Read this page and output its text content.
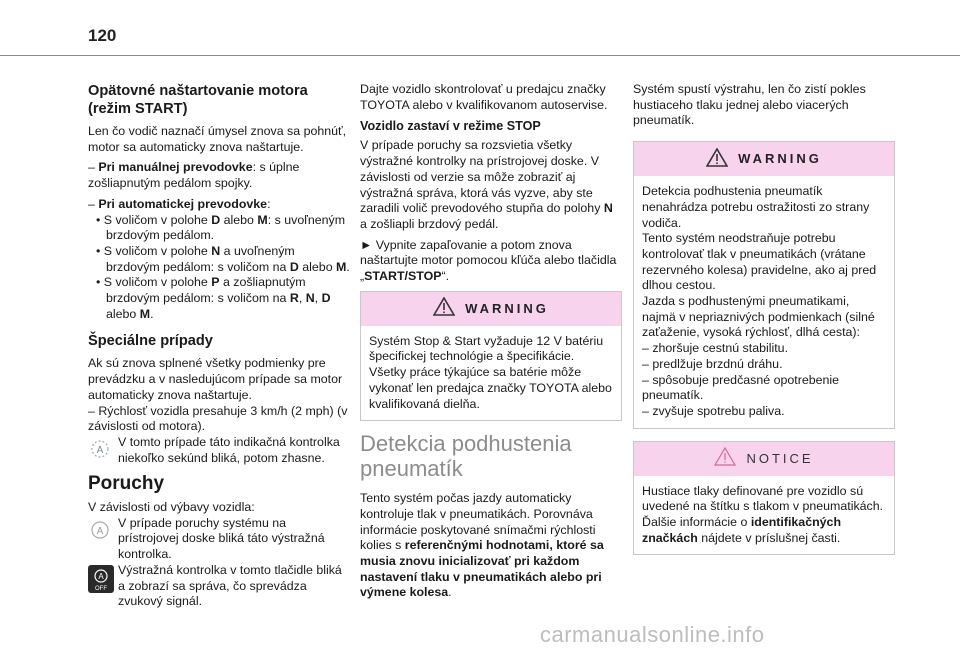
120
Opätovné naštartovanie motora (režim START)

Len čo vodič naznačí úmysel znova sa pohnúť, motor sa automaticky znova naštartuje.

– Pri manuálnej prevodovke: s úplne zošliapnutým pedálom spojky.

– Pri automatickej prevodovke:

• S voličom v polohe D alebo M: s uvoľneným brzdovým pedálom.

• S voličom v polohe N a uvoľneným brzdovým pedálom: s voličom na D alebo M.

• S voličom v polohe P a zošliapnutým brzdovým pedálom: s voličom na R, N, D alebo M.

Špeciálne prípady

Ak sú znova splnené všetky podmienky pre prevádzku a v nasledujúcom prípade sa motor automaticky znova naštartuje.

– Rýchlosť vozidla presahuje 3 km/h (2 mph) (v závislosti od motora).

A
V tomto prípade táto indikačná kontrolka niekoľko sekúnd bliká, potom zhasne.
Poruchy

V závislosti od výbavy vozidla:

A
V prípade poruchy systému na prístrojovej doske bliká táto výstražná kontrolka.
A
OFF
Výstražná kontrolka v tomto tlačidle bliká a zobrazí sa správa, čo sprevádza zvukový signál.

Dajte vozidlo skontrolovať u predajcu značky TOYOTA alebo v kvalifikovanom autoservise.

Vozidlo zastaví v režime STOP

V prípade poruchy sa rozsvietia všetky výstražné kontrolky na prístrojovej doske. V závislosti od verzie sa môže zobraziť aj výstražná správa, ktorá vás vyzve, aby ste zaradili volič prevodového stupňa do polohy N a zošliapli brzdový pedál.

► Vypnite zapaľovanie a potom znova naštartujte motor pomocou kľúča alebo tlačidla „START/STOP“.

WARNING
Systém Stop & Start vyžaduje 12 V batériu špecifickej technológie a špecifikácie. Všetky práce týkajúce sa batérie môže vykonať len predajca značky TOYOTA alebo kvalifikovaná dielňa.
Detekcia podhustenia pneumatík

Tento systém počas jazdy automaticky kontroluje tlak v pneumatikách. Porovnáva informácie poskytované snímačmi rýchlosti kolies s referenčnými hodnotami, ktoré sa musia znovu inicializovať pri každom nastavení tlaku v pneumatikách alebo pri výmene kolesa.

Systém spustí výstrahu, len čo zistí pokles hustiaceho tlaku jednej alebo viacerých pneumatík.

WARNING
Detekcia podhustenia pneumatík nenahrádza potrebu ostražitosti zo strany vodiča.
Tento systém neodstraňuje potrebu kontrolovať tlak v pneumatikách (vrátane rezervného kolesa) pravidelne, ako aj pred dlhou cestou.
Jazda s podhustenými pneumatikami, najmä v nepriaznivých podmienkach (silné zaťaženie, vysoká rýchlosť, dlhá cesta):
– zhoršuje cestnú stabilitu.
– predlžuje brzdnú dráhu.
– spôsobuje predčasné opotrebenie pneumatík.
– zvyšuje spotrebu paliva.
NOTICE
Hustiace tlaky definované pre vozidlo sú uvedené na štítku s tlakom v pneumatikách. Ďalšie informácie o identifikačných značkách nájdete v príslušnej časti.
carmanualsonline.info
